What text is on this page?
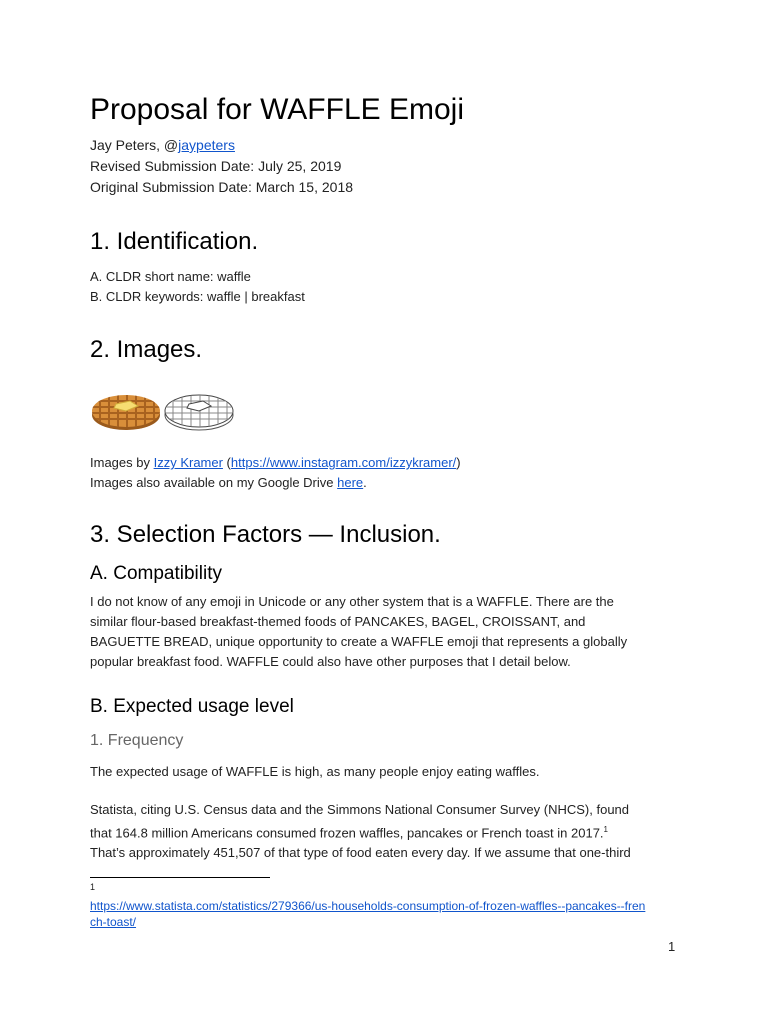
Proposal for WAFFLE Emoji
Jay Peters, @jaypeters
Revised Submission Date: July 25, 2019
Original Submission Date: March 15, 2018
1. Identification.
A. CLDR short name: waffle
B. CLDR keywords: waffle | breakfast
2. Images.
Images by Izzy Kramer (https://www.instagram.com/izzykramer/)
Images also available on my Google Drive here.
3. Selection Factors — Inclusion.
A. Compatibility
I do not know of any emoji in Unicode or any other system that is a WAFFLE. There are the
similar flour-based breakfast-themed foods of PANCAKES, BAGEL, CROISSANT, and
BAGUETTE BREAD, unique opportunity to create a WAFFLE emoji that represents a globally
popular breakfast food. WAFFLE could also have other purposes that I detail below.
B. Expected usage level
1. Frequency
The expected usage of WAFFLE is high, as many people enjoy eating waffles.
Statista, citing U.S. Census data and the Simmons National Consumer Survey (NHCS), found
that 164.8 million Americans consumed frozen waffles, pancakes or French toast in 2017.$^1$
That’s approximately 451,507 of that type of food eaten every day. If we assume that one-third
1
https://www.statista.com/statistics/279366/us-households-consumption-of-frozen-waffles--pancakes--fren
ch-toast/
1
